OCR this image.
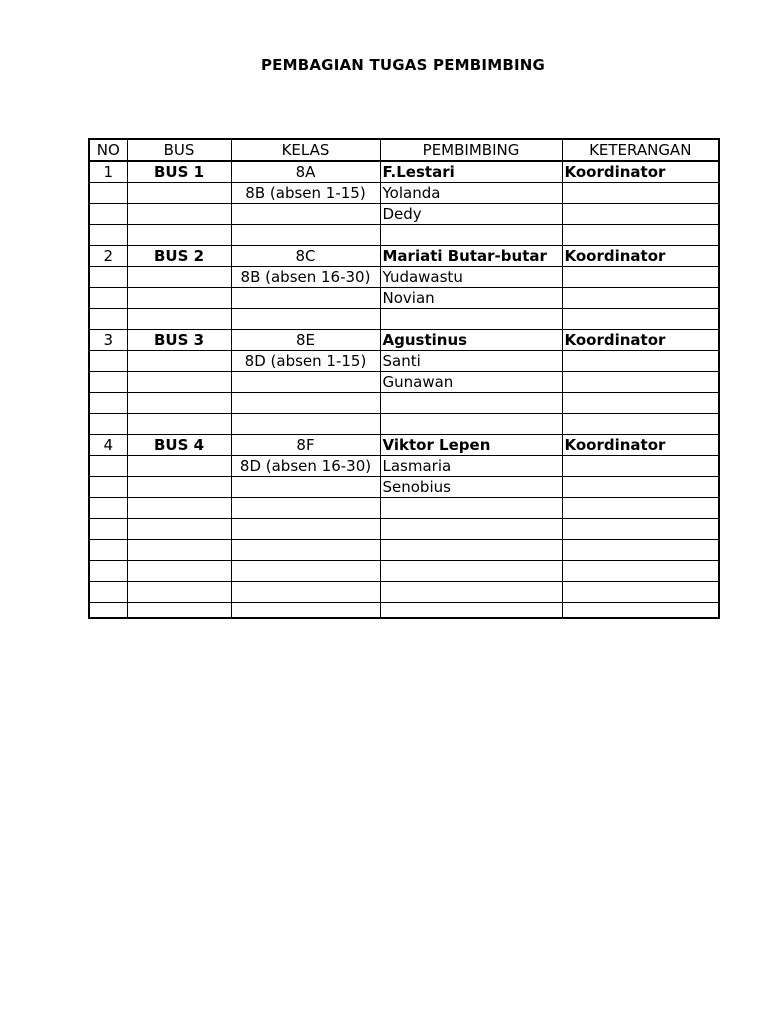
PEMBAGIAN TUGAS PEMBIMBING
NO	BUS	KELAS	PEMBIMBING	KETERANGAN
1	BUS 1	8A	F.Lestari	Koordinator
		8B (absen 1-15)	Yolanda	
			Dedy	

2	BUS 2	8C	Mariati Butar-butar	Koordinator
		8B (absen 16-30)	Yudawastu	
			Novian	

3	BUS 3	8E	Agustinus	Koordinator
		8D (absen 1-15)	Santi	
			Gunawan	

4	BUS 4	8F	Viktor Lepen	Koordinator
		8D (absen 16-30)	Lasmaria	
			Senobius	
